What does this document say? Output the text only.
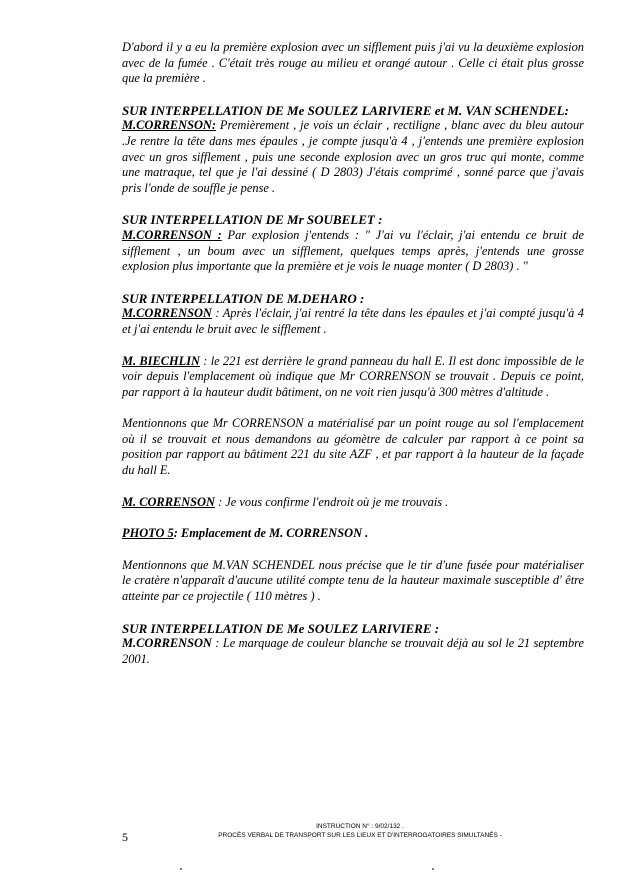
D'abord il y a eu la première explosion avec un sifflement puis j'ai vu la deuxième explosion avec de la fumée . C'était très rouge au milieu et orangé autour . Celle ci était plus grosse que la première .

SUR INTERPELLATION DE Me SOULEZ LARIVIERE et M. VAN SCHENDEL:
M.CORRENSON: Premièrement , je vois un éclair , rectiligne , blanc avec du bleu autour .Je rentre la tête dans mes épaules , je compte jusqu'à 4 , j'entends une première explosion avec un gros sifflement , puis une seconde explosion avec un gros truc qui monte, comme une matraque, tel que je l'ai dessiné ( D 2803) J'étais comprimé , sonné parce que j'avais pris l'onde de souffle je pense .

SUR INTERPELLATION DE Mr SOUBELET :
M.CORRENSON : Par explosion j'entends : " J'ai vu l'éclair, j'ai entendu ce bruit de sifflement , un boum avec un sifflement, quelques temps après, j'entends une grosse explosion plus importante que la première et je vois le nuage monter ( D 2803) . "

SUR INTERPELLATION DE M.DEHARO :
M.CORRENSON : Après l'éclair, j'ai rentré la tête dans les épaules et j'ai compté jusqu'à 4 et j'ai entendu le bruit avec le sifflement .

M. BIECHLIN : le 221 est derrière le grand panneau du hall E. Il est donc impossible de le voir depuis l'emplacement où indique que Mr CORRENSON se trouvait . Depuis ce point, par rapport à la hauteur dudit bâtiment, on ne voit rien jusqu'à 300 mètres d'altitude .

Mentionnons que Mr CORRENSON a matérialisé par un point rouge au sol l'emplacement où il se trouvait et nous demandons au géomètre de calculer par rapport à ce point sa position par rapport au bâtiment 221 du site AZF , et par rapport à la hauteur de la façade du hall E.

M. CORRENSON : Je vous confirme l'endroit où je me trouvais .

PHOTO 5: Emplacement de M. CORRENSON .

Mentionnons que M.VAN SCHENDEL nous précise que le tir d'une fusée pour matérialiser le cratère n'apparaît d'aucune utilité compte tenu de la hauteur maximale susceptible d' être atteinte par ce projectile ( 110 mètres ) .

SUR INTERPELLATION DE Me SOULEZ LARIVIERE :
M.CORRENSON : Le marquage de couleur blanche se trouvait déjà au sol le 21 septembre 2001.

5
INSTRUCTION N° : 9/02/132 .
PROCÈS VERBAL DE TRANSPORT SUR LES LIEUX ET D'INTERROGATOIRES SIMULTANÉS -
